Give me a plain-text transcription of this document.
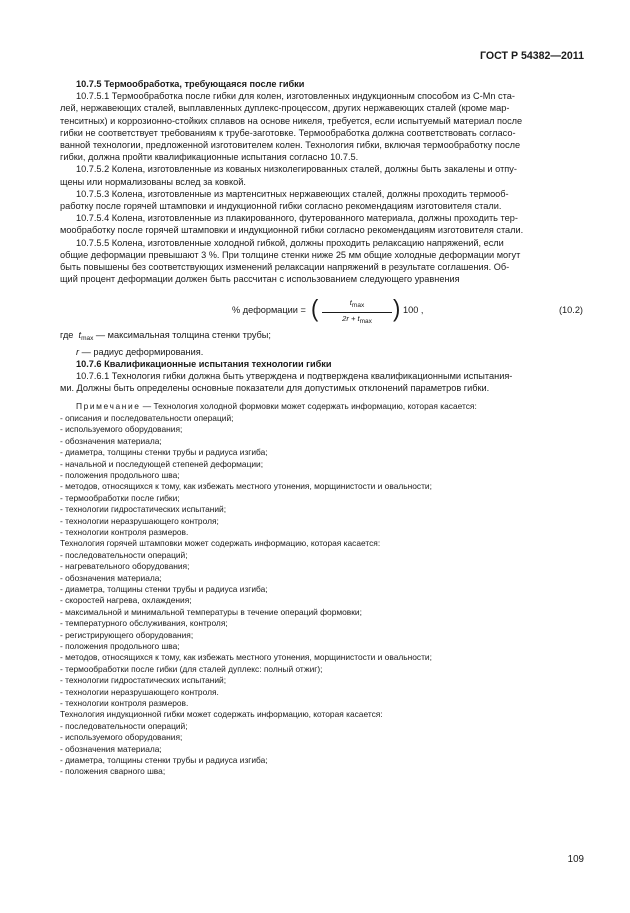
ГОСТ Р 54382—2011

10.7.5 Термообработка, требующаяся после гибки

10.7.5.1 Термообработка после гибки для колен, изготовленных индукционным способом из C-Mn ста-

лей, нержавеющих сталей, выплавленных дуплекс-процессом, других нержавеющих сталей (кроме мар-

тенситных) и коррозионно-стойких сплавов на основе никеля, требуется, если испытуемый материал после

гибки не соответствует требованиям к трубе-заготовке. Термообработка должна соответствовать согласо-

ванной технологии, предложенной изготовителем колен. Технология гибки, включая термообработку после

гибки, должна пройти квалификационные испытания согласно 10.7.5.

10.7.5.2 Колена, изготовленные из кованых низколегированных сталей, должны быть закалены и отпу-

щены или нормализованы вслед за ковкой.

10.7.5.3 Колена, изготовленные из мартенситных нержавеющих сталей, должны проходить термооб-

работку после горячей штамповки и индукционной гибки согласно рекомендациям изготовителя стали.

10.7.5.4 Колена, изготовленные из плакированного, футерованного материала, должны проходить тер-

мообработку после горячей штамповки и индукционной гибки согласно рекомендациям изготовителя стали.

10.7.5.5 Колена, изготовленные холодной гибкой, должны проходить релаксацию напряжений, если

общие деформации превышают 3 %. При толщине стенки ниже 25 мм общие холодные деформации могут

быть повышены без соответствующих изменений релаксации напряжений в результате соглашения. Об-

щий процент деформации должен быть рассчитан с использованием следующего уравнения

% деформации = (	$t_{max}$
$2r + t_{max}$ ) 100 ,	(10.2)

где $t_{max}$ — максимальная толщина стенки трубы;

r — радиус деформирования.

10.7.6 Квалификационные испытания технологии гибки

10.7.6.1 Технология гибки должна быть утверждена и подтверждена квалификационными испытания-

ми. Должны быть определены основные показатели для допустимых отклонений параметров гибки.

Примечание — Технология холодной формовки может содержать информацию, которая касается:

- описания и последовательности операций;

- используемого оборудования;

- обозначения материала;

- диаметра, толщины стенки трубы и радиуса изгиба;

- начальной и последующей степеней деформации;

- положения продольного шва;

- методов, относящихся к тому, как избежать местного утонения, морщинистости и овальности;

- термообработки после гибки;

- технологии гидростатических испытаний;

- технологии неразрушающего контроля;

- технологии контроля размеров.

Технология горячей штамповки может содержать информацию, которая касается:

- последовательности операций;

- нагревательного оборудования;

- обозначения материала;

- диаметра, толщины стенки трубы и радиуса изгиба;

- скоростей нагрева, охлаждения;

- максимальной и минимальной температуры в течение операций формовки;

- температурного обслуживания, контроля;

- регистрирующего оборудования;

- положения продольного шва;

- методов, относящихся к тому, как избежать местного утонения, морщинистости и овальности;

- термообработки после гибки (для сталей дуплекс: полный отжиг);

- технологии гидростатических испытаний;

- технологии неразрушающего контроля.

- технологии контроля размеров.

Технология индукционной гибки может содержать информацию, которая касается:

- последовательности операций;

- используемого оборудования;

- обозначения материала;

- диаметра, толщины стенки трубы и радиуса изгиба;

- положения сварного шва;

109
